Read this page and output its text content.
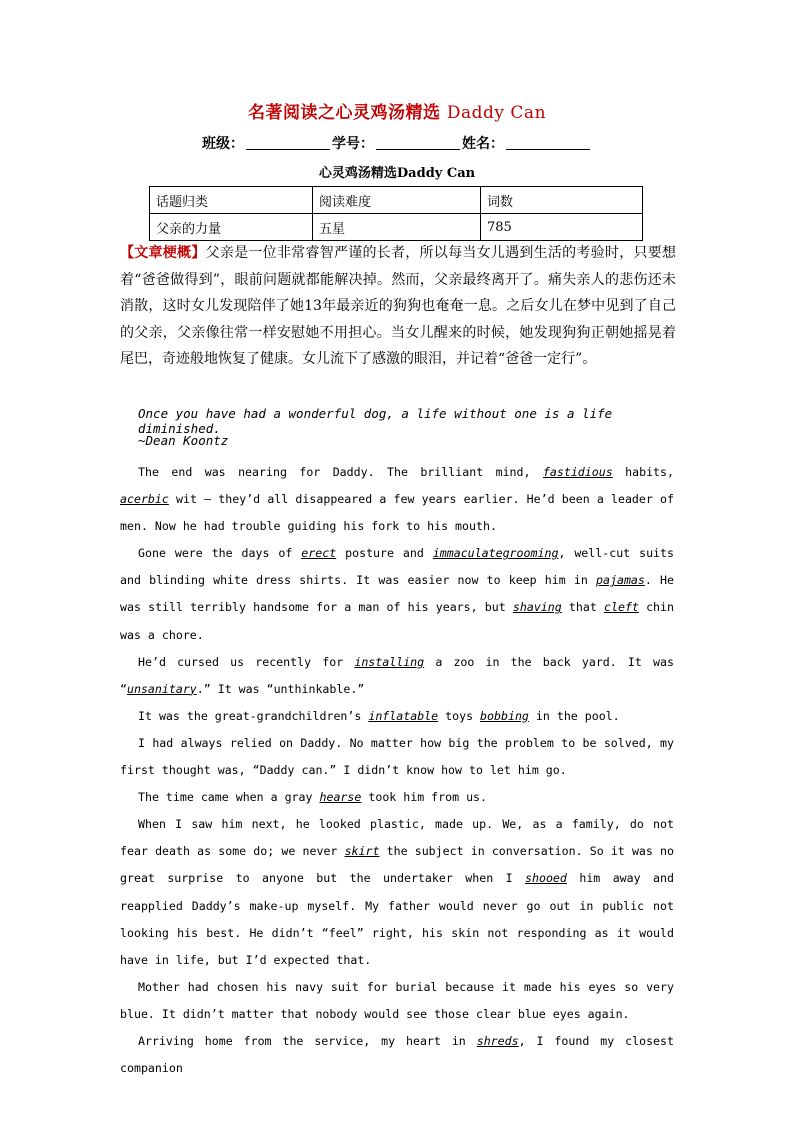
名著阅读之心灵鸡汤精选 Daddy Can
班级：	学号：	姓名：
心灵鸡汤精选Daddy Can
话题归类	阅读难度	词数
父亲的力量	五星	785
【文章梗概】父亲是一位非常睿智严谨的长者，所以每当女儿遇到生活的考验时，只要想着“爸爸做得到”，眼前问题就都能解决掉。然而，父亲最终离开了。痛失亲人的悲伤还未消散，这时女儿发现陪伴了她13年最亲近的狗狗也奄奄一息。之后女儿在梦中见到了自己的父亲，父亲像往常一样安慰她不用担心。当女儿醒来的时候，她发现狗狗正朝她摇晃着尾巴，奇迹般地恢复了健康。女儿流下了感激的眼泪，并记着“爸爸一定行”。
Once you have had a wonderful dog, a life without one is a life diminished.
~Dean Koontz

The end was nearing for Daddy. The brilliant mind, fastidious habits, acerbic wit — they’d all disappeared a few years earlier. He’d been a leader of men. Now he had trouble guiding his fork to his mouth.

Gone were the days of erect posture and immaculategrooming, well-cut suits and blinding white dress shirts. It was easier now to keep him in pajamas. He was still terribly handsome for a man of his years, but shaving that cleft chin was a chore.

He’d cursed us recently for installing a zoo in the back yard. It was “unsanitary.” It was “unthinkable.”

It was the great-grandchildren’s inflatable toys bobbing in the pool.

I had always relied on Daddy. No matter how big the problem to be solved, my first thought was, “Daddy can.” I didn’t know how to let him go.

The time came when a gray hearse took him from us.

When I saw him next, he looked plastic, made up. We, as a family, do not fear death as some do; we never skirt the subject in conversation. So it was no great surprise to anyone but the undertaker when I shooed him away and reapplied Daddy’s make-up myself. My father would never go out in public not looking his best. He didn’t “feel” right, his skin not responding as it would have in life, but I’d expected that.

Mother had chosen his navy suit for burial because it made his eyes so very blue. It didn’t matter that nobody would see those clear blue eyes again.

Arriving home from the service, my heart in shreds, I found my closest companion
